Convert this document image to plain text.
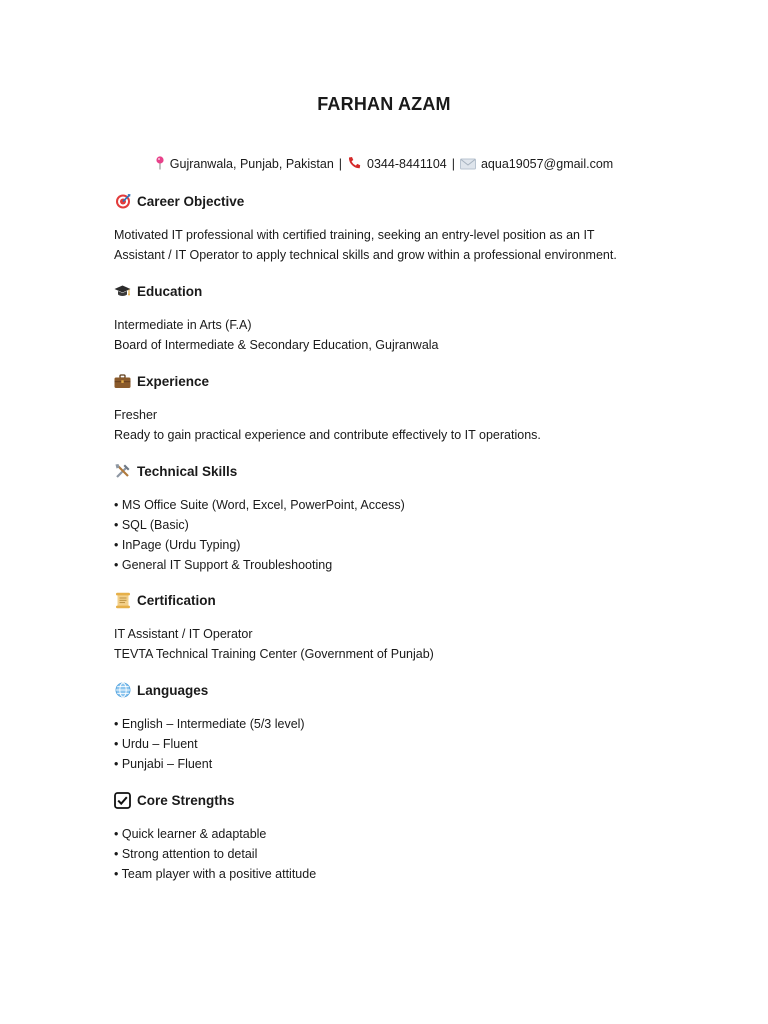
FARHAN AZAM
Gujranwala, Punjab, Pakistan | 0344-8441104 | aqua19057@gmail.com
Career Objective
Motivated IT professional with certified training, seeking an entry-level position as an IT
Assistant / IT Operator to apply technical skills and grow within a professional environment.
Education
Intermediate in Arts (F.A)
Board of Intermediate & Secondary Education, Gujranwala
Experience
Fresher
Ready to gain practical experience and contribute effectively to IT operations.
Technical Skills
• MS Office Suite (Word, Excel, PowerPoint, Access)
• SQL (Basic)
• InPage (Urdu Typing)
• General IT Support & Troubleshooting
Certification
IT Assistant / IT Operator
TEVTA Technical Training Center (Government of Punjab)
Languages
• English – Intermediate (5/3 level)
• Urdu – Fluent
• Punjabi – Fluent
Core Strengths
• Quick learner & adaptable
• Strong attention to detail
• Team player with a positive attitude
